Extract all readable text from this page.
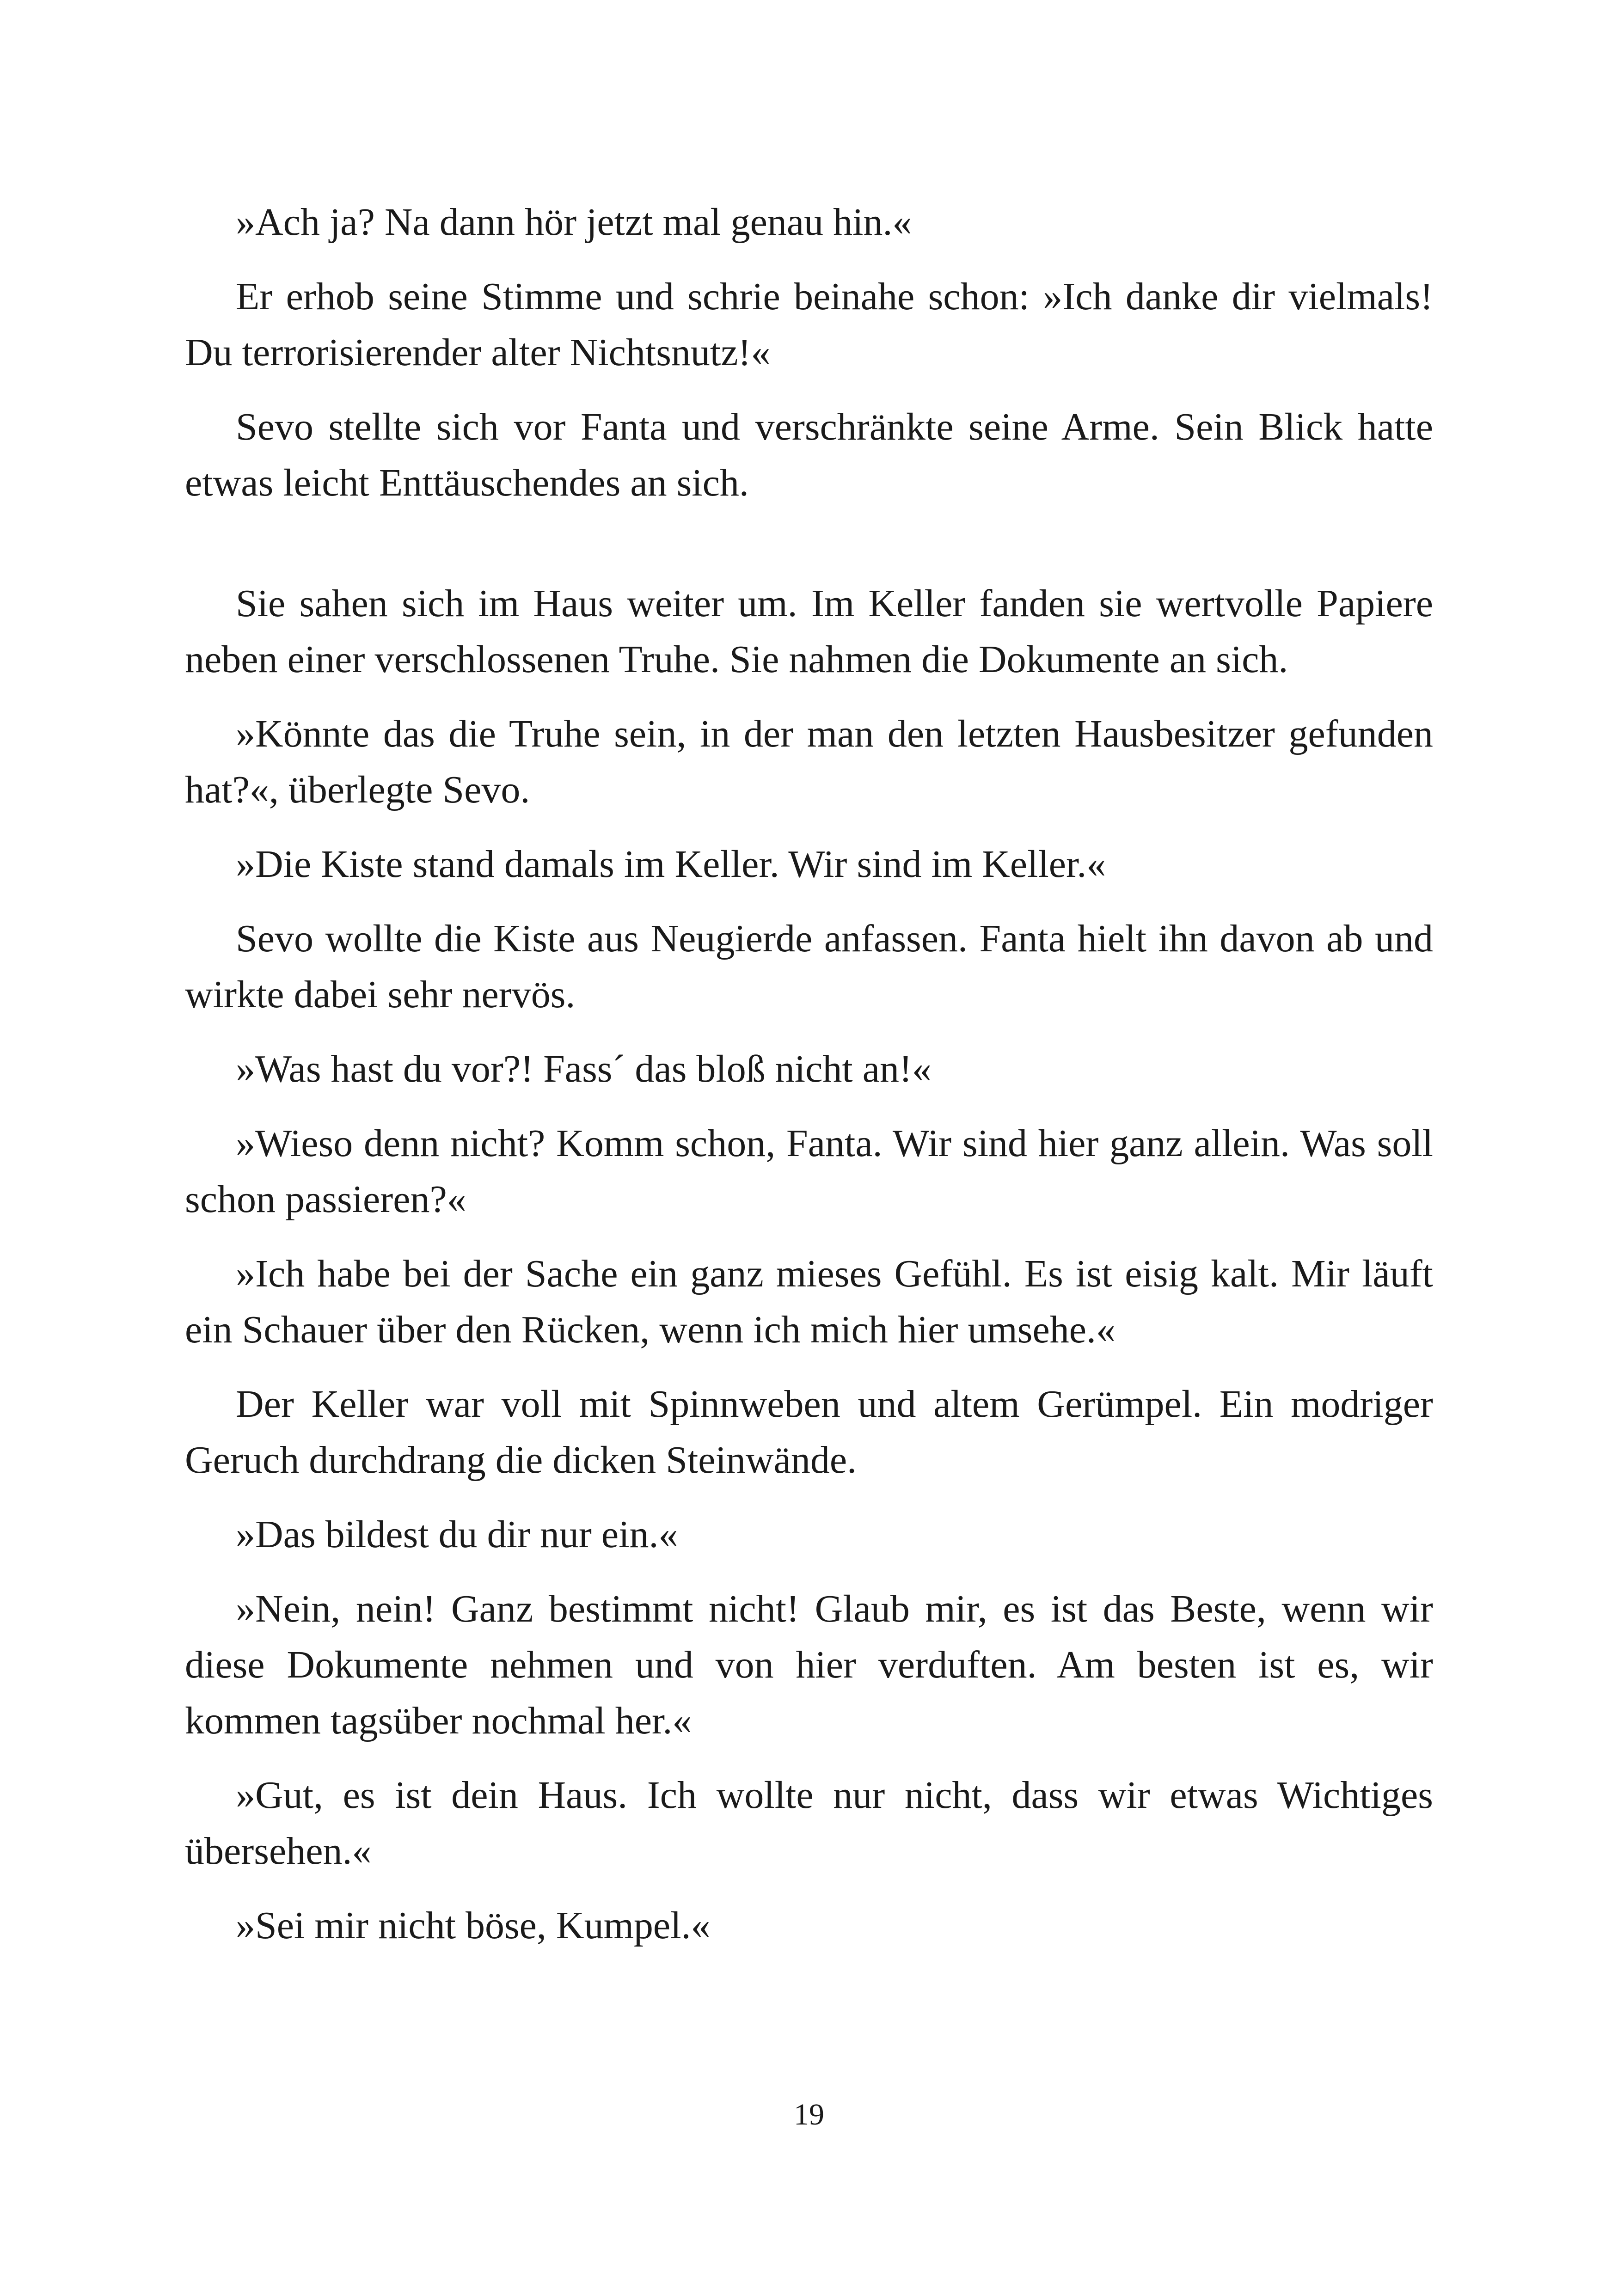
»Ach ja? Na dann hör jetzt mal genau hin.«

Er erhob seine Stimme und schrie beinahe schon: »Ich danke dir vielmals! Du terrorisierender alter Nichtsnutz!«

Sevo stellte sich vor Fanta und verschränkte seine Arme. Sein Blick hatte etwas leicht Enttäuschendes an sich.

Sie sahen sich im Haus weiter um. Im Keller fanden sie wertvolle Papiere neben einer verschlossenen Truhe. Sie nahmen die Dokumente an sich.

»Könnte das die Truhe sein, in der man den letzten Hausbesitzer gefunden hat?«, überlegte Sevo.

»Die Kiste stand damals im Keller. Wir sind im Keller.«

Sevo wollte die Kiste aus Neugierde anfassen. Fanta hielt ihn davon ab und wirkte dabei sehr nervös.

»Was hast du vor?! Fass´ das bloß nicht an!«

»Wieso denn nicht? Komm schon, Fanta. Wir sind hier ganz allein. Was soll schon passieren?«

»Ich habe bei der Sache ein ganz mieses Gefühl. Es ist eisig kalt. Mir läuft ein Schauer über den Rücken, wenn ich mich hier umsehe.«

Der Keller war voll mit Spinnweben und altem Gerümpel. Ein modriger Geruch durchdrang die dicken Steinwände.

»Das bildest du dir nur ein.«

»Nein, nein! Ganz bestimmt nicht! Glaub mir, es ist das Beste, wenn wir diese Dokumente nehmen und von hier verduften. Am besten ist es, wir kommen tagsüber nochmal her.«

»Gut, es ist dein Haus. Ich wollte nur nicht, dass wir etwas Wichtiges übersehen.«

»Sei mir nicht böse, Kumpel.«

19
